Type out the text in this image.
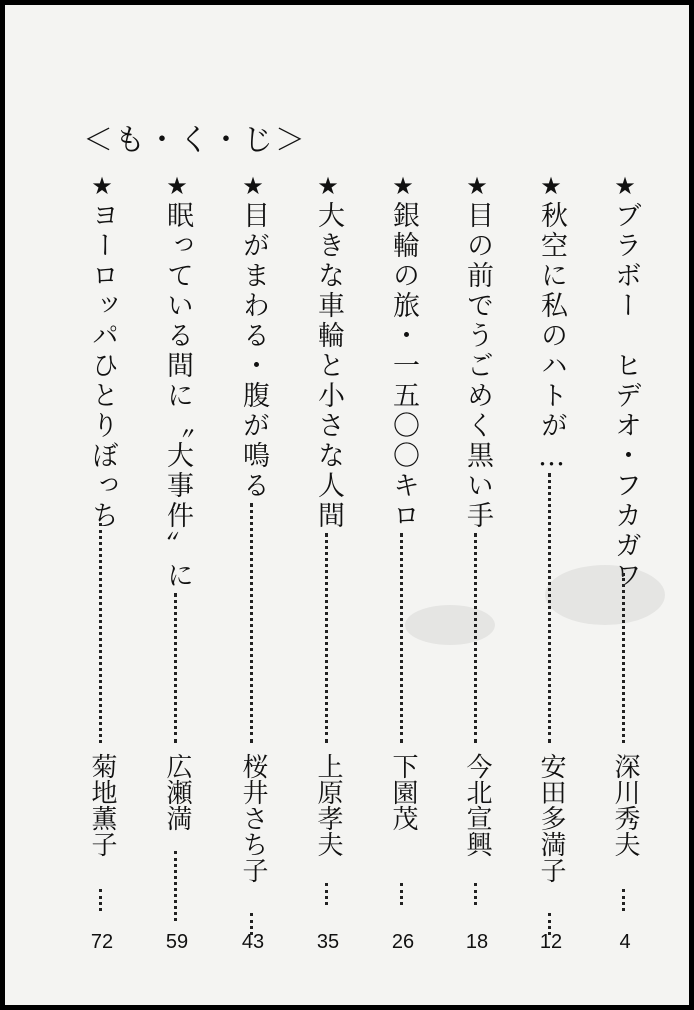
＜も・く・じ＞
★
ブラボー　ヒデオ・フカガワ
深川秀夫
4
★
秋空に私のハトが…
安田多満子
12
★
目の前でうごめく黒い手
今北宣興
18
★
銀輪の旅・一五〇〇キロ
下園茂
26
★
大きな車輪と小さな人間
上原孝夫
35
★
目がまわる・腹が鳴る
桜井さち子
43
★
眠っている間に〝大事件〟に
広瀬満
59
★
ヨーロッパひとりぼっち
菊地薫子
72
